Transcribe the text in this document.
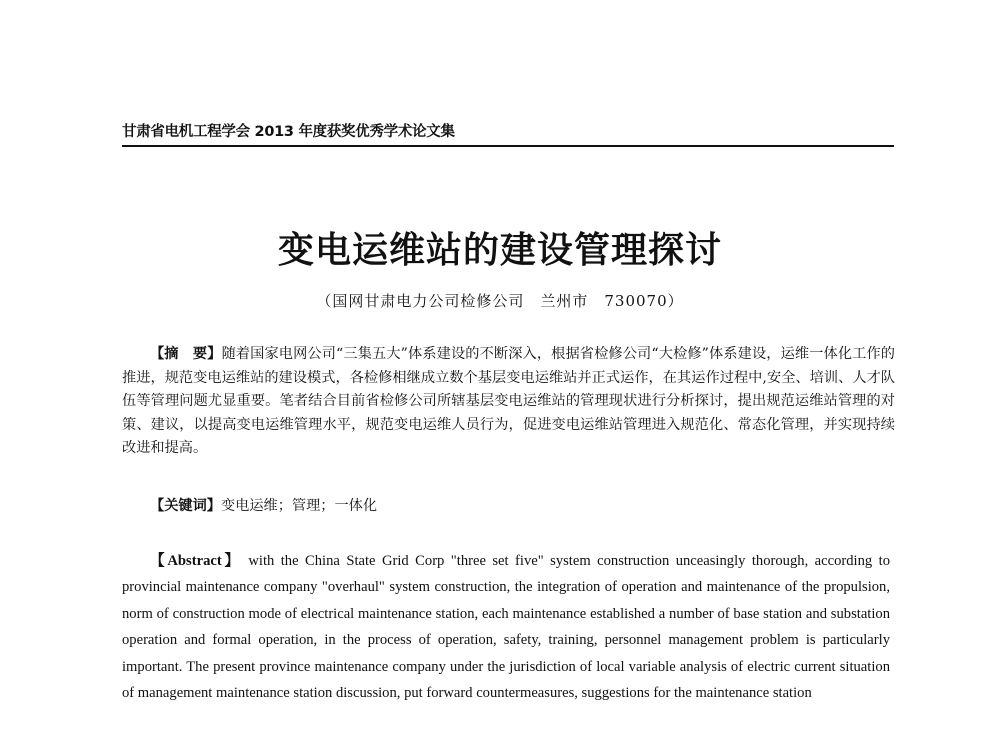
甘肃省电机工程学会 2013 年度获奖优秀学术论文集
变电运维站的建设管理探讨
（国网甘肃电力公司检修公司　兰州市　730070）

【摘　要】随着国家电网公司“三集五大”体系建设的不断深入，根据省检修公司“大检修”体系建设，运维一体化工作的推进，规范变电运维站的建设模式，各检修相继成立数个基层变电运维站并正式运作，在其运作过程中,安全、培训、人才队伍等管理问题尤显重要。笔者结合目前省检修公司所辖基层变电运维站的管理现状进行分析探讨，提出规范运维站管理的对策、建议，以提高变电运维管理水平，规范变电运维人员行为，促进变电运维站管理进入规范化、常态化管理，并实现持续改进和提高。

【关键词】变电运维；管理；一体化

【Abstract】 with the China State Grid Corp "three set five" system construction unceasingly thorough, according to provincial maintenance company "overhaul" system construction, the integration of operation and maintenance of the propulsion, norm of construction mode of electrical maintenance station, each maintenance established a number of base station and substation operation and formal operation, in the process of operation, safety, training, personnel management problem is particularly important. The present province maintenance company under the jurisdiction of local variable analysis of electric current situation of management maintenance station discussion, put forward countermeasures, suggestions for the maintenance station
